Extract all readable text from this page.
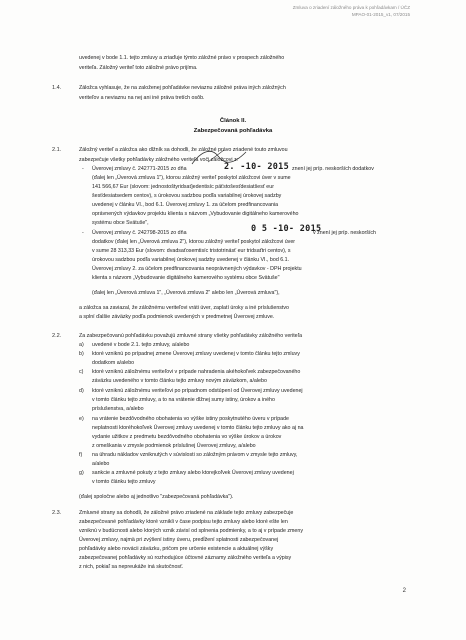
Zmluva o zriadení záložného práva k pohľadávkam / ÚČZ
MPAO-01-2015_v1, 07/2015
uvedenej v bode 1.1. tejto zmluvy a zriaďuje týmto záložné právo v prospech záložného
veriteľa. Záložný veriteľ toto záložné právo prijíma.
1.4.	Záložca vyhlasuje, že na založenej pohľadávke neviaznu záložné práva iných záložných
veriteľov a neviaznu na nej ani iné práva tretích osôb.
Článok II.
Zabezpečovaná pohľadávka
2.1.	Záložný veriteľ a záložca ako dlžník sa dohodli, že záložné právo zriadené touto zmluvou
zabezpečuje všetky pohľadávky záložného veriteľa voči záložcovi z:
- Úverovej zmluvy č. 242771-2015 zo dňa	2. -10- 2015 znení jej príp. neskorších dodatkov
(ďalej len „Úverová zmluva 1"), ktorou záložný veriteľ poskytol záložcovi úver v sume
141 566,67 Eur (slovom: jednostoštyridsaťjedentisíc päťstošesťdesiatšesť eur
šesťdesiatsedem centov), s úrokovou sadzbou podľa variabilnej úrokovej sadzby
uvedenej v článku VI., bod 6.1. Úverovej zmluvy 1. za účelom predfinancovania
oprávnených výdavkov projektu klienta s názvom „Vybudovanie digitálneho kamerového
systému obce Svätuše",
- Úverovej zmluvy č. 242798-2015 zo dňa	0 5 -10- 2015
v znení jej príp. neskorších
dodatkov (ďalej len „Úverová zmluva 2"), ktorou záložný veriteľ poskytol záložcovi úver
v sume 28 313,33 Eur (slovom: dvadsaťosemtisíc tristotrinásť eur tridsaťtri centov), s
úrokovou sadzbou podľa variabilnej úrokovej sadzby uvedenej v článku VI., bod 6.1.
Úverovej zmluvy 2. za účelom predfinancovania neoprávnených výdavkov - DPH projektu
klienta s názvom „Vybudovanie digitálneho kamerového systému obce Svätuše"
(ďalej len „Úverová zmluva 1", „Úverová zmluva 2" alebo len „Úverová zmluva"),
a záložca sa zaviazal, že záložnému veriteľovi vráti úver, zaplatí úroky a iné príslušenstvo
a splní ďalšie záväzky podľa podmienok uvedených v predmetnej Úverovej zmluve.
2.2.	Za zabezpečovanú pohľadávku považujú zmluvné strany všetky pohľadávky záložného veriteľa
a) uvedené v bode 2.1. tejto zmluvy, a/alebo
b) ktoré vzniknú po prípadnej zmene Úverovej zmluvy uvedenej v tomto článku tejto zmluvy
dodatkom a/alebo
c) ktoré vzniknú záložnému veriteľovi v prípade nahradenia akéhokoľvek zabezpečovaného
záväzku uvedeného v tomto článku tejto zmluvy novým záväzkom, a/alebo
d) ktoré vzniknú záložnému veriteľovi po prípadnom odstúpení od Úverovej zmluvy uvedenej
v tomto článku tejto zmluvy, a to na vrátenie dlžnej sumy istiny, úrokov a iného
príslušenstva, a/alebo
e) na vrátenie bezdôvodného obohatenia vo výške istiny poskytnutého úveru v prípade
neplatnosti ktoréhokoľvek Úverovej zmluvy uvedenej v tomto článku tejto zmluvy ako aj na
vydanie užitkov z predmetu bezdôvodného obohatenia vo výške úrokov a úrokov
z omeškania v zmysle podmienok príslušnej Úverovej zmluvy, a/alebo
f) na úhradu nákladov vzniknutých v súvislosti so záložným právom v zmysle tejto zmluvy,
a/alebo
g) sankcie a zmluvné pokuty z tejto zmluvy alebo ktorejkoľvek Úverovej zmluvy uvedenej
v tomto článku tejto zmluvy
(ďalej spoločne alebo aj jednotlivo "zabezpečovaná pohľadávka").
2.3.	Zmluvné strany sa dohodli, že záložné právo zriadené na základe tejto zmluvy zabezpečuje
zabezpečované pohľadávky ktoré vznikli v čase podpisu tejto zmluvy alebo ktoré ešte len
vzniknú v budúcnosti alebo ktorých vznik závisí od splnenia podmienky, a to aj v prípade zmeny
Úverovej zmluvy, najmä pri zvýšení istiny úveru, predĺžení splatnosti zabezpečovanej
pohľadávky alebo novácii záväzku, pričom pre určenie existencie a aktuálnej výšky
zabezpečovanej pohľadávky sú rozhodujúce účtovné záznamy záložného veriteľa a výpisy
z nich, pokiaľ sa nepreukáže iná skutočnosť.
2
